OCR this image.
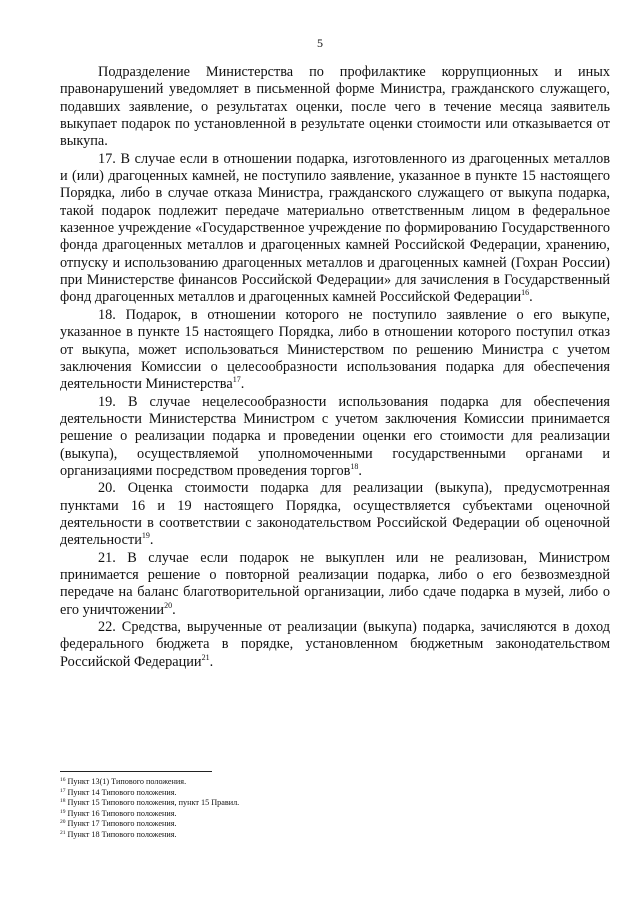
5

Подразделение Министерства по профилактике коррупционных и иных правонарушений уведомляет в письменной форме Министра, гражданского служащего, подавших заявление, о результатах оценки, после чего в течение месяца заявитель выкупает подарок по установленной в результате оценки стоимости или отказывается от выкупа.

17. В случае если в отношении подарка, изготовленного из драгоценных металлов и (или) драгоценных камней, не поступило заявление, указанное в пункте 15 настоящего Порядка, либо в случае отказа Министра, гражданского служащего от выкупа подарка, такой подарок подлежит передаче материально ответственным лицом в федеральное казенное учреждение «Государственное учреждение по формированию Государственного фонда драгоценных металлов и драгоценных камней Российской Федерации, хранению, отпуску и использованию драгоценных металлов и драгоценных камней (Гохран России) при Министерстве финансов Российской Федерации» для зачисления в Государственный фонд драгоценных металлов и драгоценных камней Российской Федерации$^{16}$.

18. Подарок, в отношении которого не поступило заявление о его выкупе, указанное в пункте 15 настоящего Порядка, либо в отношении которого поступил отказ от выкупа, может использоваться Министерством по решению Министра с учетом заключения Комиссии о целесообразности использования подарка для обеспечения деятельности Министерства$^{17}$.

19. В случае нецелесообразности использования подарка для обеспечения деятельности Министерства Министром с учетом заключения Комиссии принимается решение о реализации подарка и проведении оценки его стоимости для реализации (выкупа), осуществляемой уполномоченными государственными органами и организациями посредством проведения торгов$^{18}$.

20. Оценка стоимости подарка для реализации (выкупа), предусмотренная пунктами 16 и 19 настоящего Порядка, осуществляется субъектами оценочной деятельности в соответствии с законодательством Российской Федерации об оценочной деятельности$^{19}$.

21. В случае если подарок не выкуплен или не реализован, Министром принимается решение о повторной реализации подарка, либо о его безвозмездной передаче на баланс благотворительной организации, либо сдаче подарка в музей, либо о его уничтожении$^{20}$.

22. Средства, вырученные от реализации (выкупа) подарка, зачисляются в доход федерального бюджета в порядке, установленном бюджетным законодательством Российской Федерации$^{21}$.

$^{16}$ Пункт 13(1) Типового положения.

$^{17}$ Пункт 14 Типового положения.

$^{18}$ Пункт 15 Типового положения, пункт 15 Правил.

$^{19}$ Пункт 16 Типового положения.

$^{20}$ Пункт 17 Типового положения.

$^{21}$ Пункт 18 Типового положения.
